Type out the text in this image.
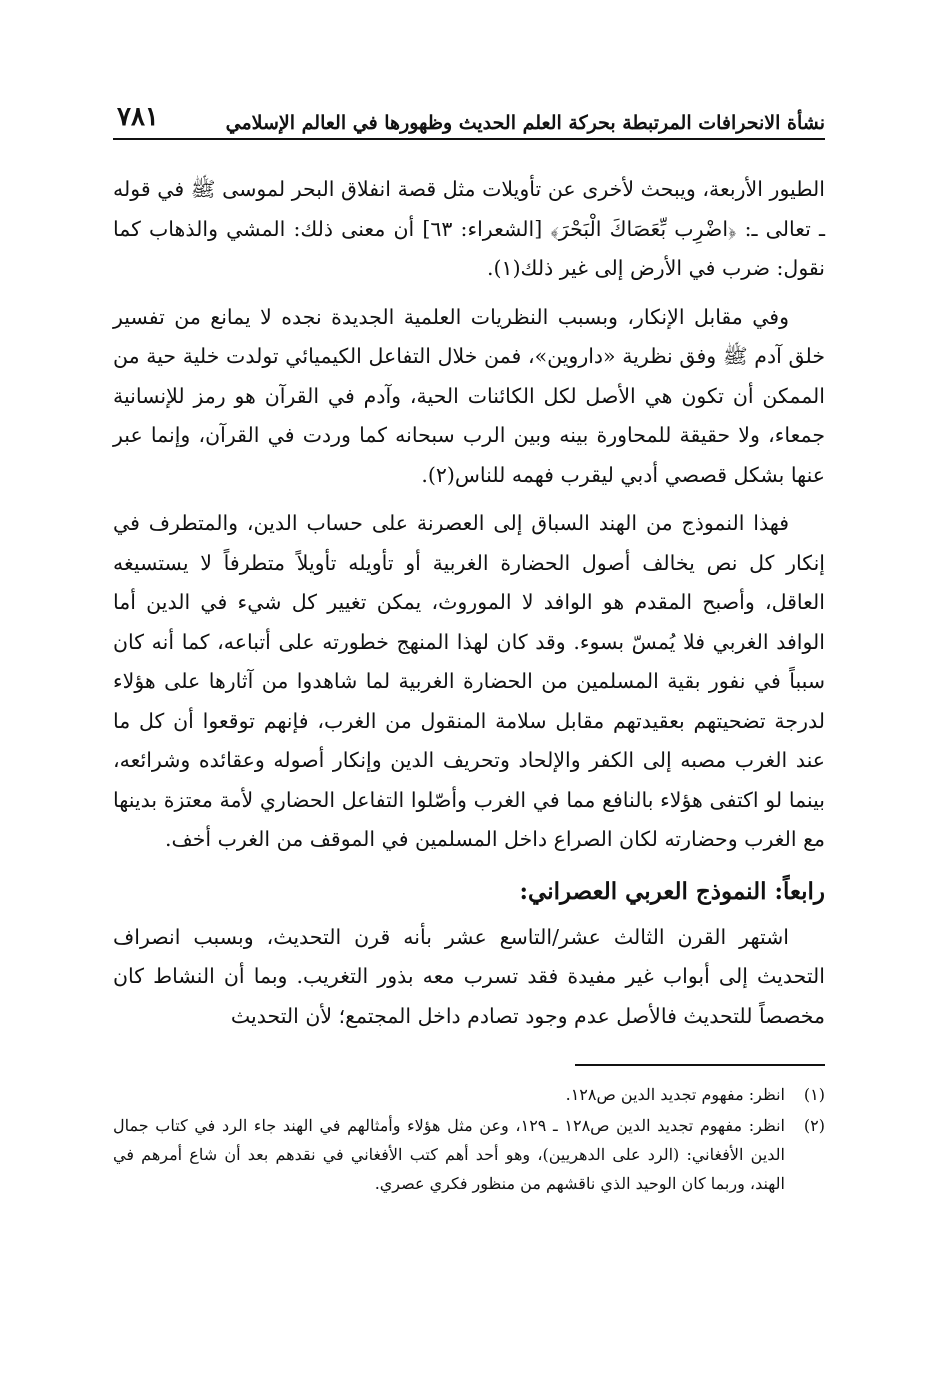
نشأة الانحرافات المرتبطة بحركة العلم الحديث وظهورها في العالم الإسلامي
٧٨١

الطيور الأربعة، ويبحث لأخرى عن تأويلات مثل قصة انفلاق البحر لموسى ﷺ في قوله ـ تعالى ـ: ﴿اضْرِب بِّعَصَاكَ الْبَحْرَ﴾ [الشعراء: ٦٣] أن معنى ذلك: المشي والذهاب كما نقول: ضرب في الأرض إلى غير ذلك(١).

وفي مقابل الإنكار، وبسبب النظريات العلمية الجديدة نجده لا يمانع من تفسير خلق آدم ﷺ وفق نظرية «داروين»، فمن خلال التفاعل الكيميائي تولدت خلية حية من الممكن أن تكون هي الأصل لكل الكائنات الحية، وآدم في القرآن هو رمز للإنسانية جمعاء، ولا حقيقة للمحاورة بينه وبين الرب سبحانه كما وردت في القرآن، وإنما عبر عنها بشكل قصصي أدبي ليقرب فهمه للناس(٢).

فهذا النموذج من الهند السباق إلى العصرنة على حساب الدين، والمتطرف في إنكار كل نص يخالف أصول الحضارة الغربية أو تأويله تأويلاً متطرفاً لا يستسيغه العاقل، وأصبح المقدم هو الوافد لا الموروث، يمكن تغيير كل شيء في الدين أما الوافد الغربي فلا يُمسّ بسوء. وقد كان لهذا المنهج خطورته على أتباعه، كما أنه كان سبباً في نفور بقية المسلمين من الحضارة الغربية لما شاهدوا من آثارها على هؤلاء لدرجة تضحيتهم بعقيدتهم مقابل سلامة المنقول من الغرب، فإنهم توقعوا أن كل ما عند الغرب مصبه إلى الكفر والإلحاد وتحريف الدين وإنكار أصوله وعقائده وشرائعه، بينما لو اكتفى هؤلاء بالنافع مما في الغرب وأصّلوا التفاعل الحضاري لأمة معتزة بدينها مع الغرب وحضارته لكان الصراع داخل المسلمين في الموقف من الغرب أخف.

رابعاً: النموذج العربي العصراني:

اشتهر القرن الثالث عشر/التاسع عشر بأنه قرن التحديث، وبسبب انصراف التحديث إلى أبواب غير مفيدة فقد تسرب معه بذور التغريب. وبما أن النشاط كان مخصصاً للتحديث فالأصل عدم وجود تصادم داخل المجتمع؛ لأن التحديث

(١)
انظر: مفهوم تجديد الدين ص١٢٨.
(٢)
انظر: مفهوم تجديد الدين ص١٢٨ ـ ١٢٩، وعن مثل هؤلاء وأمثالهم في الهند جاء الرد في كتاب جمال الدين الأفغاني: (الرد على الدهريين)، وهو أحد أهم كتب الأفغاني في نقدهم بعد أن شاع أمرهم في الهند، وربما كان الوحيد الذي ناقشهم من منظور فكري عصري.
